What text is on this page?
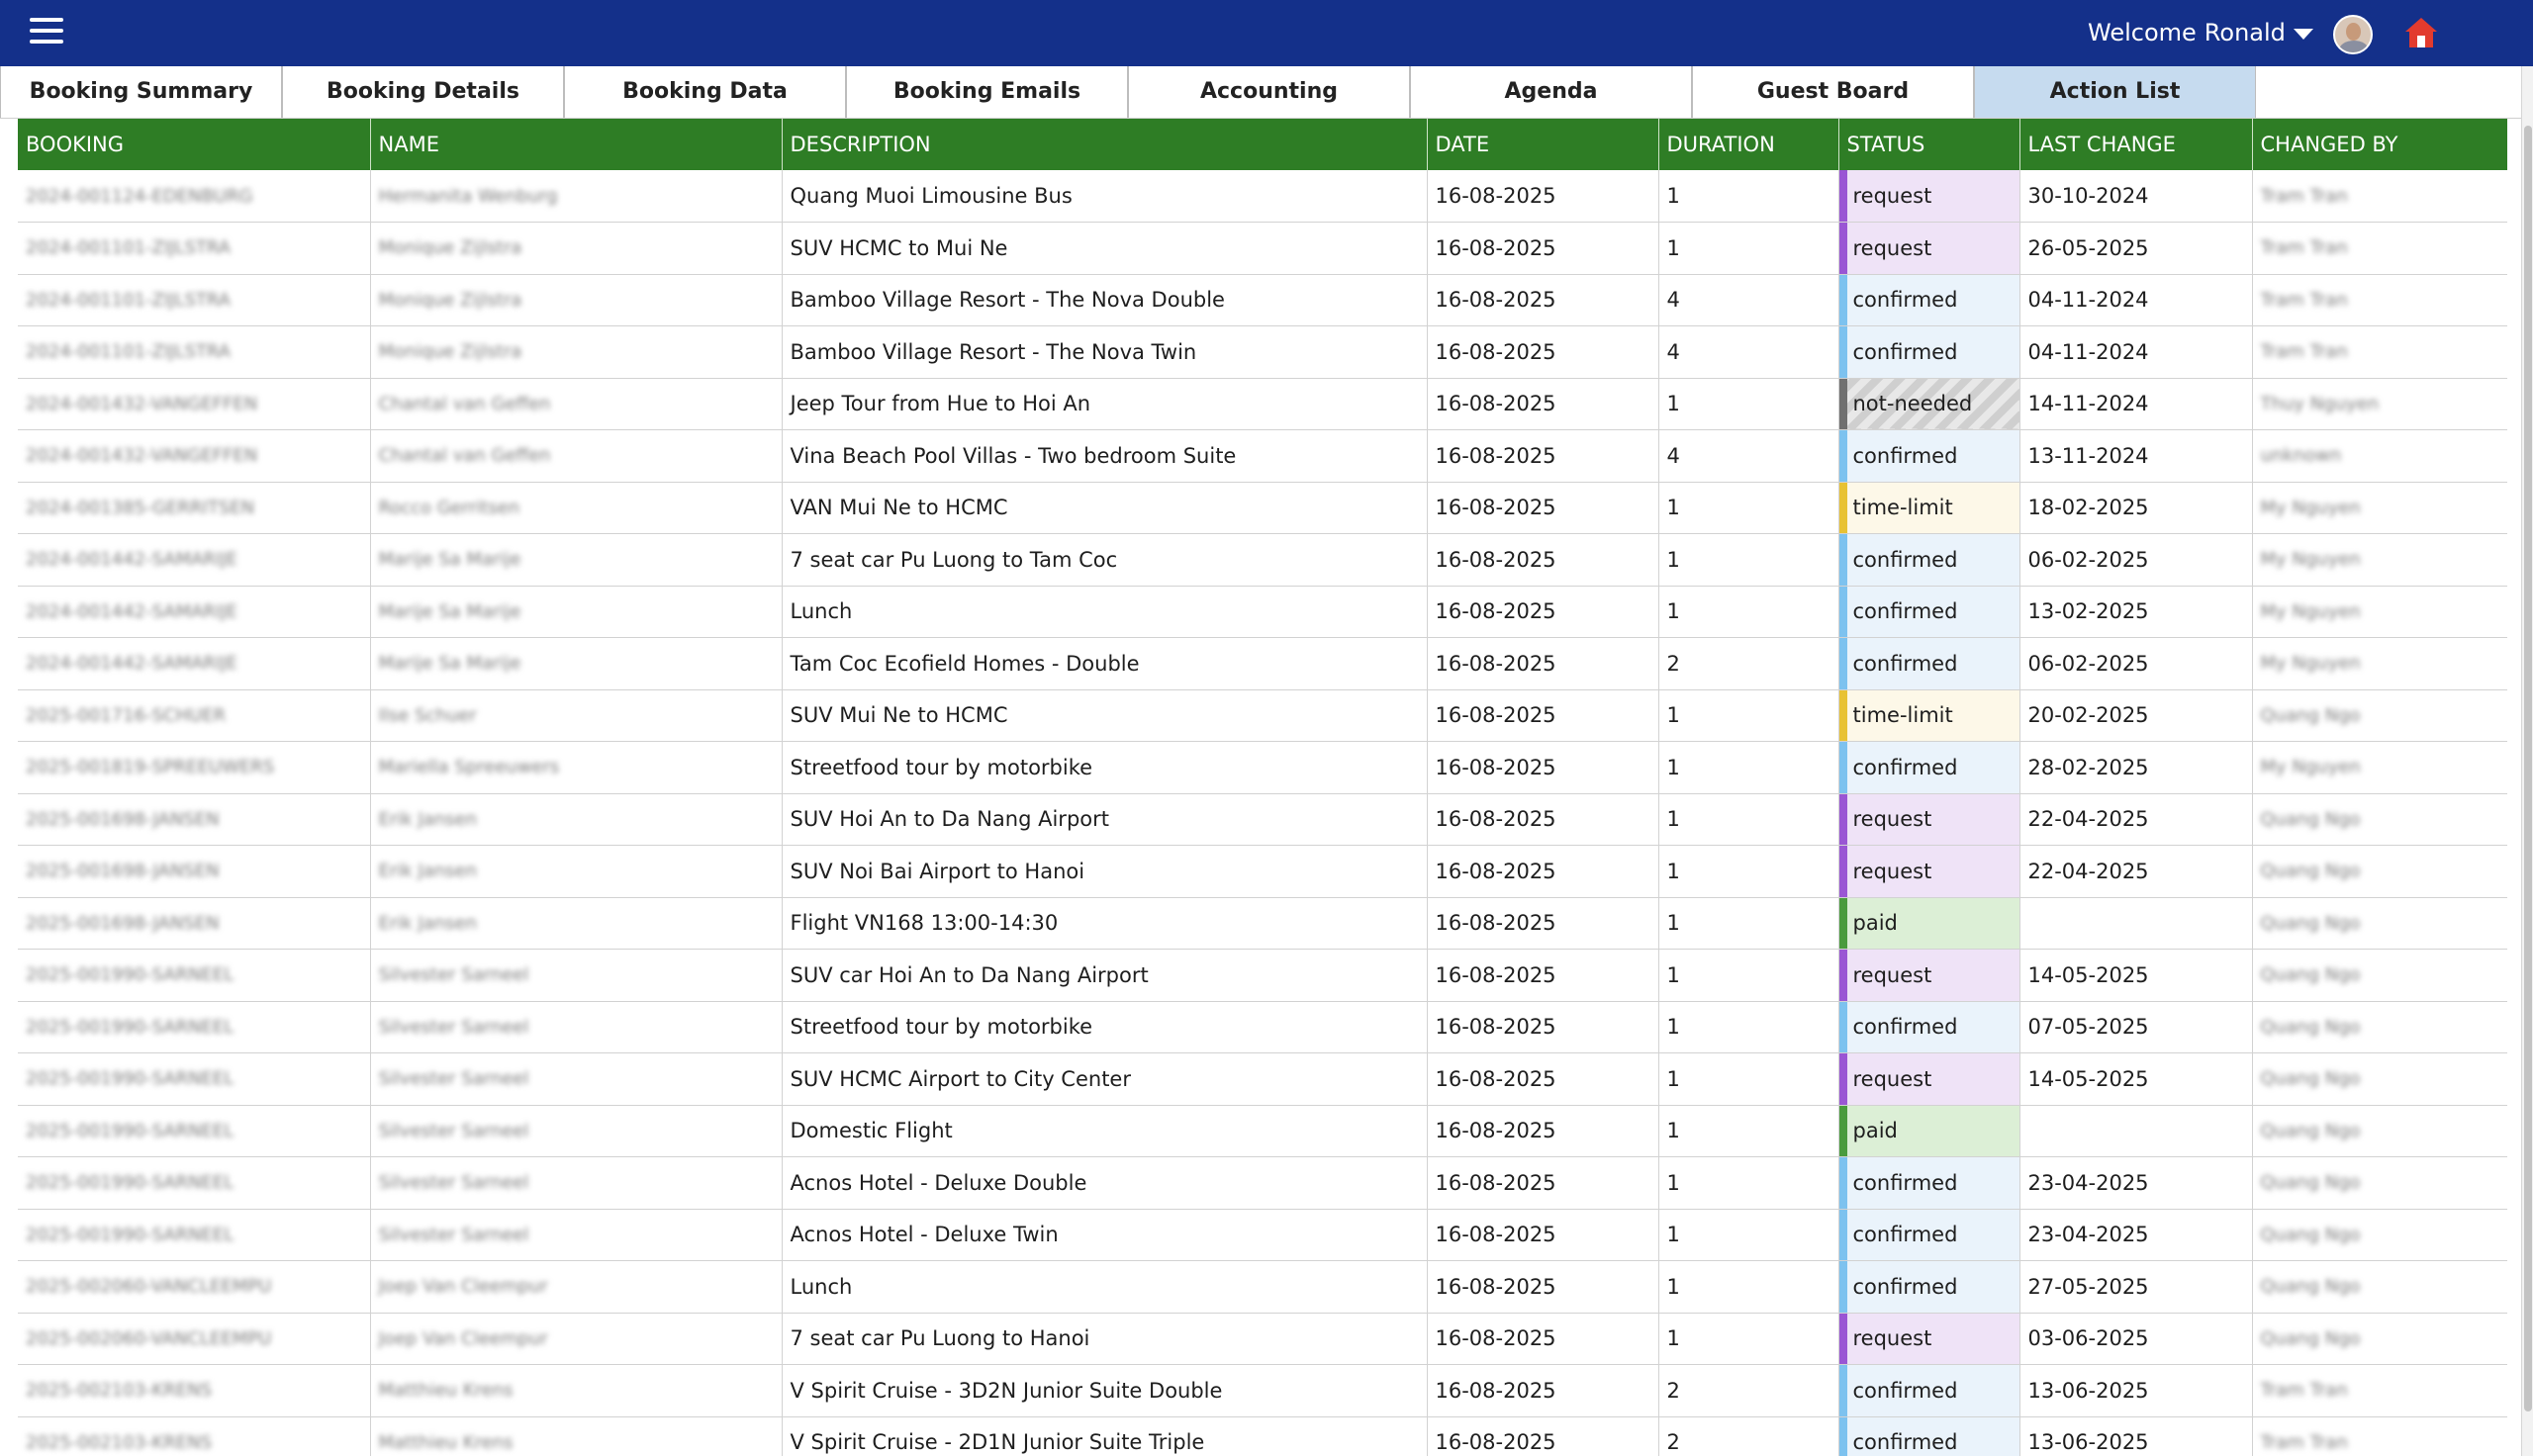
Welcome Ronald
Booking Summary	Booking Details	Booking Data	Booking Emails	Accounting	Agenda	Guest Board	Action List
BOOKING	NAME	DESCRIPTION	DATE	DURATION	STATUS	LAST CHANGE	CHANGED BY
2024-001124-EDENBURG	Hermanita Wenburg	Quang Muoi Limousine Bus	16-08-2025	1	request	30-10-2024	Tram Tran
2024-001101-ZIJLSTRA	Monique Zijlstra	SUV HCMC to Mui Ne	16-08-2025	1	request	26-05-2025	Tram Tran
2024-001101-ZIJLSTRA	Monique Zijlstra	Bamboo Village Resort - The Nova Double	16-08-2025	4	confirmed	04-11-2024	Tram Tran
2024-001101-ZIJLSTRA	Monique Zijlstra	Bamboo Village Resort - The Nova Twin	16-08-2025	4	confirmed	04-11-2024	Tram Tran
2024-001432-VANGEFFEN	Chantal van Geffen	Jeep Tour from Hue to Hoi An	16-08-2025	1	not-needed	14-11-2024	Thuy Nguyen
2024-001432-VANGEFFEN	Chantal van Geffen	Vina Beach Pool Villas - Two bedroom Suite	16-08-2025	4	confirmed	13-11-2024	unknown
2024-001385-GERRITSEN	Rocco Gerritsen	VAN Mui Ne to HCMC	16-08-2025	1	time-limit	18-02-2025	My Nguyen
2024-001442-SAMARIJE	Marije Sa Marije	7 seat car Pu Luong to Tam Coc	16-08-2025	1	confirmed	06-02-2025	My Nguyen
2024-001442-SAMARIJE	Marije Sa Marije	Lunch	16-08-2025	1	confirmed	13-02-2025	My Nguyen
2024-001442-SAMARIJE	Marije Sa Marije	Tam Coc Ecofield Homes - Double	16-08-2025	2	confirmed	06-02-2025	My Nguyen
2025-001716-SCHUER	Ilse Schuer	SUV Mui Ne to HCMC	16-08-2025	1	time-limit	20-02-2025	Quang Ngo
2025-001819-SPREEUWERS	Mariella Spreeuwers	Streetfood tour by motorbike	16-08-2025	1	confirmed	28-02-2025	My Nguyen
2025-001698-JANSEN	Erik Jansen	SUV Hoi An to Da Nang Airport	16-08-2025	1	request	22-04-2025	Quang Ngo
2025-001698-JANSEN	Erik Jansen	SUV Noi Bai Airport to Hanoi	16-08-2025	1	request	22-04-2025	Quang Ngo
2025-001698-JANSEN	Erik Jansen	Flight VN168 13:00-14:30	16-08-2025	1	paid		Quang Ngo
2025-001990-SARNEEL	Silvester Sarneel	SUV car Hoi An to Da Nang Airport	16-08-2025	1	request	14-05-2025	Quang Ngo
2025-001990-SARNEEL	Silvester Sarneel	Streetfood tour by motorbike	16-08-2025	1	confirmed	07-05-2025	Quang Ngo
2025-001990-SARNEEL	Silvester Sarneel	SUV HCMC Airport to City Center	16-08-2025	1	request	14-05-2025	Quang Ngo
2025-001990-SARNEEL	Silvester Sarneel	Domestic Flight	16-08-2025	1	paid		Quang Ngo
2025-001990-SARNEEL	Silvester Sarneel	Acnos Hotel - Deluxe Double	16-08-2025	1	confirmed	23-04-2025	Quang Ngo
2025-001990-SARNEEL	Silvester Sarneel	Acnos Hotel - Deluxe Twin	16-08-2025	1	confirmed	23-04-2025	Quang Ngo
2025-002060-VANCLEEMPU	Joep Van Cleempur	Lunch	16-08-2025	1	confirmed	27-05-2025	Quang Ngo
2025-002060-VANCLEEMPU	Joep Van Cleempur	7 seat car Pu Luong to Hanoi	16-08-2025	1	request	03-06-2025	Quang Ngo
2025-002103-KRENS	Matthieu Krens	V Spirit Cruise - 3D2N Junior Suite Double	16-08-2025	2	confirmed	13-06-2025	Tram Tran
2025-002103-KRENS	Matthieu Krens	V Spirit Cruise - 2D1N Junior Suite Triple	16-08-2025	2	confirmed	13-06-2025	Tram Tran
